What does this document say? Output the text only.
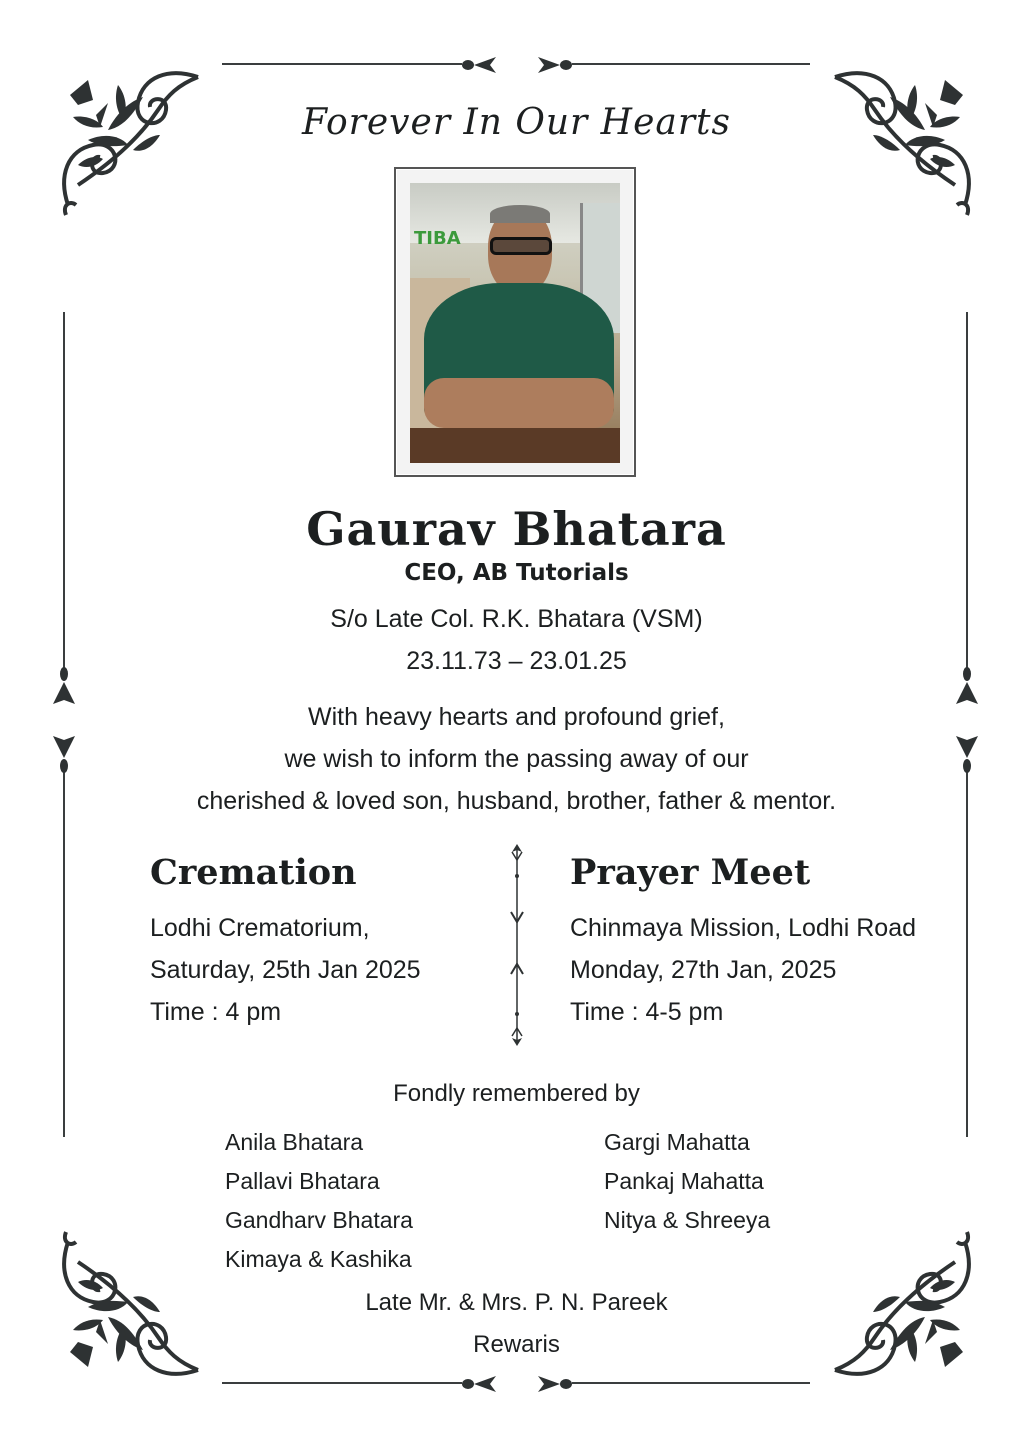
Forever In Our Hearts
TIBA
Gaurav Bhatara
CEO, AB Tutorials
S/o Late Col. R.K. Bhatara (VSM)
23.11.73 – 23.01.25
With heavy hearts and profound grief,
we wish to inform the passing away of our
cherished & loved son, husband, brother, father & mentor.
Cremation
Lodhi Crematorium,
Saturday, 25th Jan 2025
Time : 4 pm
Prayer Meet
Chinmaya Mission, Lodhi Road
Monday, 27th Jan, 2025
Time : 4-5 pm
Fondly remembered by
Anila Bhatara
Pallavi Bhatara
Gandharv Bhatara
Kimaya & Kashika
Gargi Mahatta
Pankaj Mahatta
Nitya & Shreeya
Late Mr. & Mrs. P. N. Pareek
Rewaris
